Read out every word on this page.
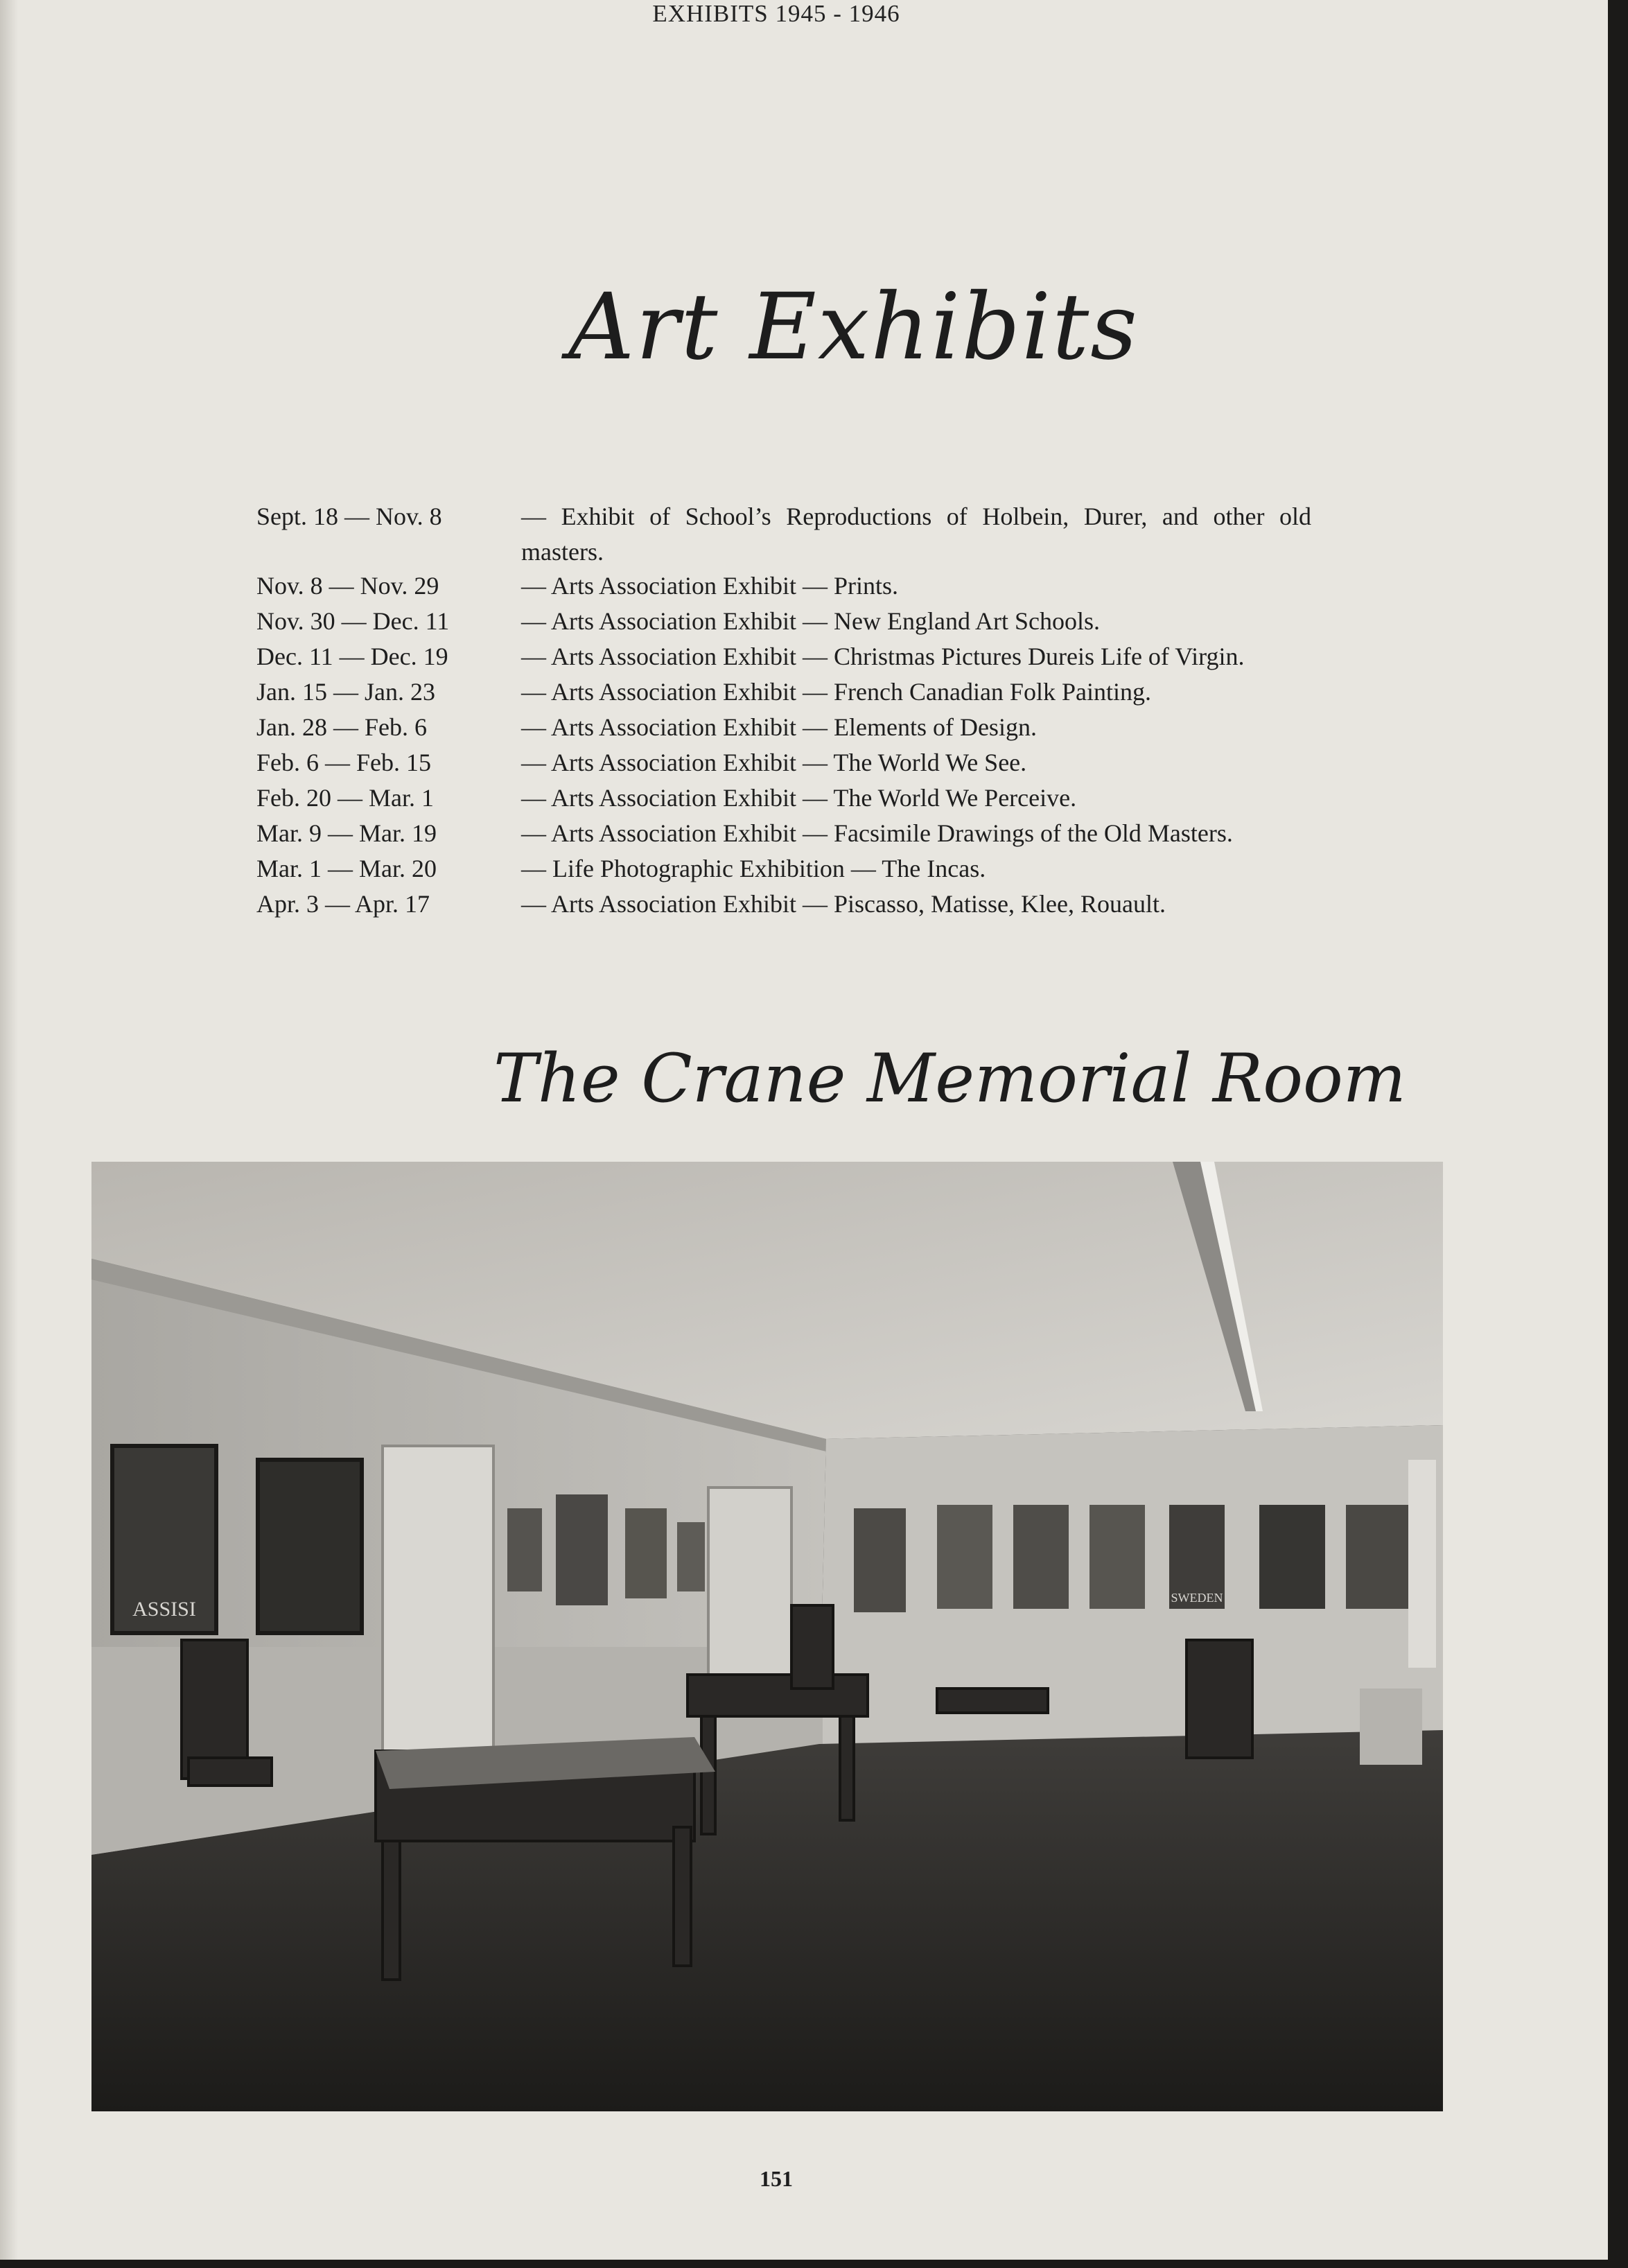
Art Exhibits
EXHIBITS 1945 - 1946
Sept. 18 — Nov. 8	— Exhibit of School’s Reproductions of Holbein, Durer, and other old masters.
Nov. 8 — Nov. 29	— Arts Association Exhibit — Prints.
Nov. 30 — Dec. 11	— Arts Association Exhibit — New England Art Schools.
Dec. 11 — Dec. 19	— Arts Association Exhibit — Christmas Pictures Dureis Life of Virgin.
Jan. 15 — Jan. 23	— Arts Association Exhibit — French Canadian Folk Painting.
Jan. 28 — Feb. 6	— Arts Association Exhibit — Elements of Design.
Feb. 6 — Feb. 15	— Arts Association Exhibit — The World We See.
Feb. 20 — Mar. 1	— Arts Association Exhibit — The World We Perceive.
Mar. 9 — Mar. 19	— Arts Association Exhibit — Facsimile Drawings of the Old Masters.
Mar. 1 — Mar. 20	— Life Photographic Exhibition — The Incas.
Apr. 3 — Apr. 17	— Arts Association Exhibit — Piscasso, Matisse, Klee, Rouault.
The Crane Memorial Room
ASSISI	SWEDEN
151
